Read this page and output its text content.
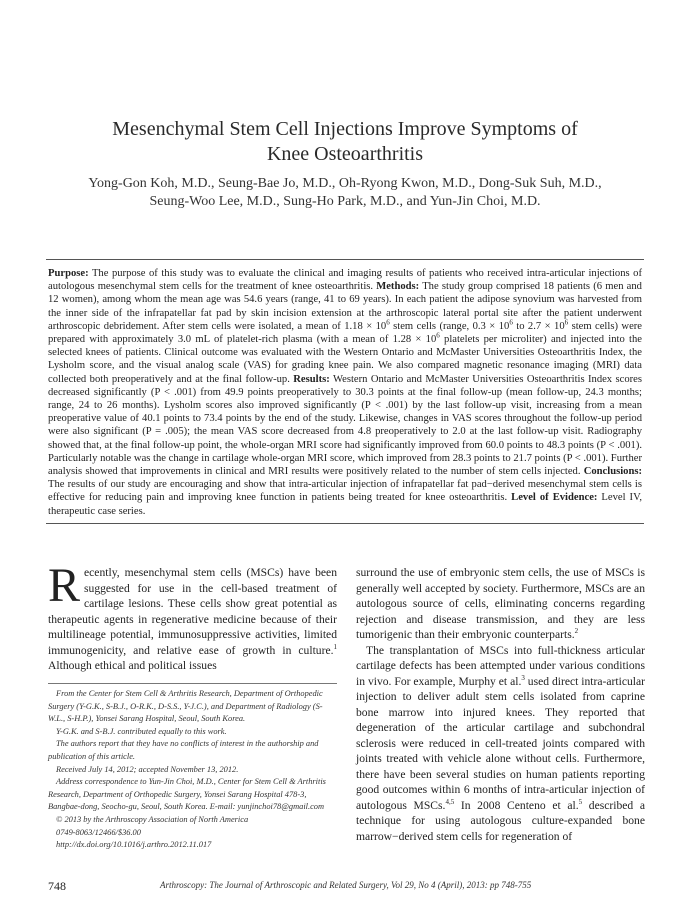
Mesenchymal Stem Cell Injections Improve Symptoms of
Knee Osteoarthritis
Yong-Gon Koh, M.D., Seung-Bae Jo, M.D., Oh-Ryong Kwon, M.D., Dong-Suk Suh, M.D.,
Seung-Woo Lee, M.D., Sung-Ho Park, M.D., and Yun-Jin Choi, M.D.

Purpose: The purpose of this study was to evaluate the clinical and imaging results of patients who received intra-articular injections of autologous mesenchymal stem cells for the treatment of knee osteoarthritis. Methods: The study group comprised 18 patients (6 men and 12 women), among whom the mean age was 54.6 years (range, 41 to 69 years). In each patient the adipose synovium was harvested from the inner side of the infrapatellar fat pad by skin incision extension at the arthroscopic lateral portal site after the patient underwent arthroscopic debridement. After stem cells were isolated, a mean of $1.18 \times 10^6$ stem cells (range, $0.3 \times 10^6$ to $2.7 \times 10^6$ stem cells) were prepared with approximately 3.0 mL of platelet-rich plasma (with a mean of $1.28 \times 10^6$ platelets per microliter) and injected into the selected knees of patients. Clinical outcome was evaluated with the Western Ontario and McMaster Universities Osteoarthritis Index, the Lysholm score, and the visual analog scale (VAS) for grading knee pain. We also compared magnetic resonance imaging (MRI) data collected both preoperatively and at the final follow-up. Results: Western Ontario and McMaster Universities Osteoarthritis Index scores decreased significantly (P < .001) from 49.9 points preoperatively to 30.3 points at the final follow-up (mean follow-up, 24.3 months; range, 24 to 26 months). Lysholm scores also improved significantly (P < .001) by the last follow-up visit, increasing from a mean preoperative value of 40.1 points to 73.4 points by the end of the study. Likewise, changes in VAS scores throughout the follow-up period were also significant (P = .005); the mean VAS score decreased from 4.8 preoperatively to 2.0 at the last follow-up visit. Radiography showed that, at the final follow-up point, the whole-organ MRI score had significantly improved from 60.0 points to 48.3 points (P < .001). Particularly notable was the change in cartilage whole-organ MRI score, which improved from 28.3 points to 21.7 points (P < .001). Further analysis showed that improvements in clinical and MRI results were positively related to the number of stem cells injected. Conclusions: The results of our study are encouraging and show that intra-articular injection of infrapatellar fat pad−derived mesenchymal stem cells is effective for reducing pain and improving knee function in patients being treated for knee osteoarthritis. Level of Evidence: Level IV, therapeutic case series.

Recently, mesenchymal stem cells (MSCs) have been suggested for use in the cell-based treatment of cartilage lesions. These cells show great potential as therapeutic agents in regenerative medicine because of their multilineage potential, immunosuppressive activities, limited immunogenicity, and relative ease of growth in culture.$^1$ Although ethical and political issues

From the Center for Stem Cell & Arthritis Research, Department of Orthopedic Surgery (Y-G.K., S-B.J., O-R.K., D-S.S., Y-J.C.), and Department of Radiology (S-W.L., S-H.P.), Yonsei Sarang Hospital, Seoul, South Korea.

Y-G.K. and S-B.J. contributed equally to this work.

The authors report that they have no conflicts of interest in the authorship and publication of this article.

Received July 14, 2012; accepted November 13, 2012.

Address correspondence to Yun-Jin Choi, M.D., Center for Stem Cell & Arthritis Research, Department of Orthopedic Surgery, Yonsei Sarang Hospital 478-3, Bangbae-dong, Seocho-gu, Seoul, South Korea. E-mail: yunjinchoi78@gmail.com

© 2013 by the Arthroscopy Association of North America

0749-8063/12466/$36.00

http://dx.doi.org/10.1016/j.arthro.2012.11.017

surround the use of embryonic stem cells, the use of MSCs is generally well accepted by society. Furthermore, MSCs are an autologous source of cells, eliminating concerns regarding rejection and disease transmission, and they are less tumorigenic than their embryonic counterparts.$^2$

The transplantation of MSCs into full-thickness articular cartilage defects has been attempted under various conditions in vivo. For example, Murphy et al.$^3$ used direct intra-articular injection to deliver adult stem cells isolated from caprine bone marrow into injured knees. They reported that degeneration of the articular cartilage and subchondral sclerosis were reduced in cell-treated joints compared with joints treated with vehicle alone without cells. Furthermore, there have been several studies on human patients reporting good outcomes within 6 months of intra-articular injection of autologous MSCs.$^{4,5}$ In 2008 Centeno et al.$^5$ described a technique for using autologous culture-expanded bone marrow−derived stem cells for regeneration of

748	Arthroscopy: The Journal of Arthroscopic and Related Surgery, Vol 29, No 4 (April), 2013: pp 748-755
